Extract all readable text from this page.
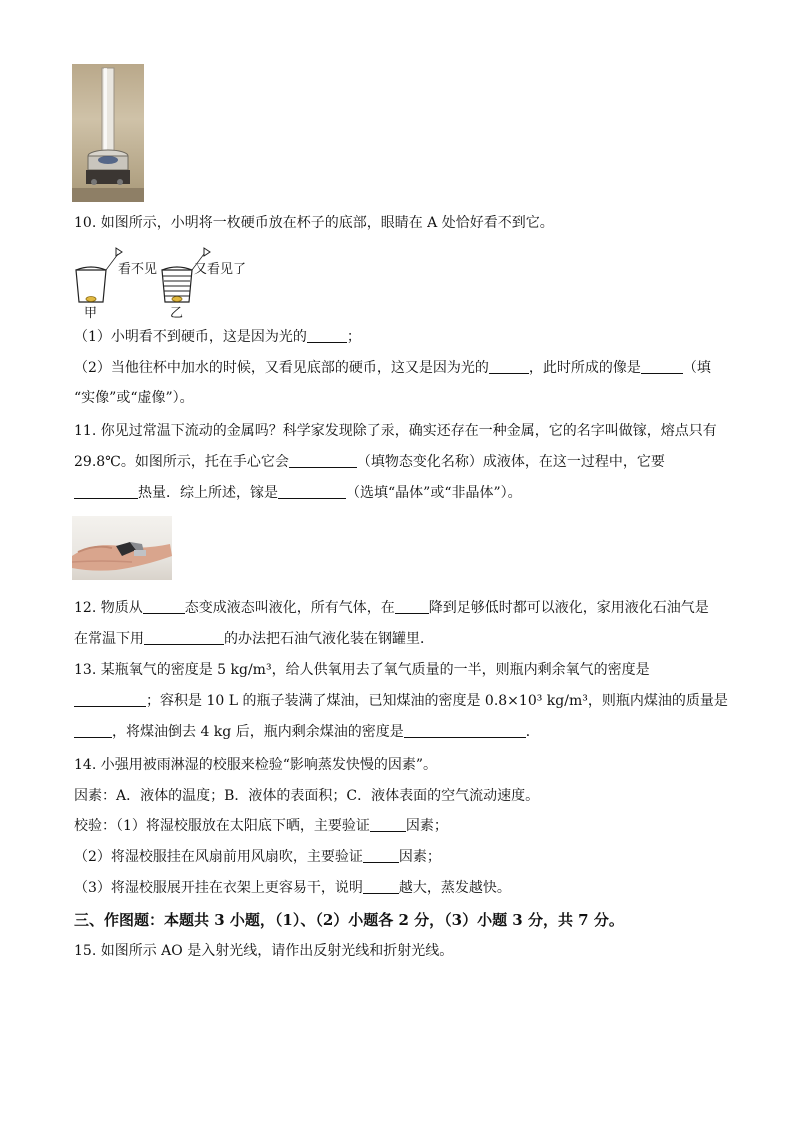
10. 如图所示，小明将一枚硬币放在杯子的底部，眼睛在 A 处恰好看不到它。
看不见	又看见了
甲	乙
（1）小明看不到硬币，这是因为光的	；
（2）当他往杯中加水的时候，又看见底部的硬币，这又是因为光的	，此时所成的像是	（填
“实像”或“虚像”）。
11. 你见过常温下流动的金属吗？科学家发现除了汞，确实还存在一种金属，它的名字叫做镓，熔点只有
29.8℃。如图所示，托在手心它会	（填物态变化名称）成液体，在这一过程中，它要
热量．综上所述，镓是	（选填“晶体”或“非晶体”）。
12. 物质从	态变成液态叫液化，所有气体，在 降到足够低时都可以液化，家用液化石油气是
在常温下用	的办法把石油气液化装在钢罐里．
13. 某瓶氧气的密度是 5 kg/m³，给人供氧用去了氧气质量的一半，则瓶内剩余氧气的密度是
；容积是 10 L 的瓶子装满了煤油，已知煤油的密度是 0.8×10³ kg/m³，则瓶内煤油的质量是
，将煤油倒去 4 kg 后，瓶内剩余煤油的密度是	．
14. 小强用被雨淋湿的校服来检验“影响蒸发快慢的因素”。
因素：A．液体的温度；B．液体的表面积；C．液体表面的空气流动速度。
校验：（1）将湿校服放在太阳底下晒，主要验证	因素；
（2）将湿校服挂在风扇前用风扇吹，主要验证	因素；
（3）将湿校服展开挂在衣架上更容易干，说明	越大，蒸发越快。
三、作图题：本题共 3 小题，（1）、（2）小题各 2 分，（3）小题 3 分，共 7 分。
15. 如图所示 AO 是入射光线，请作出反射光线和折射光线。
